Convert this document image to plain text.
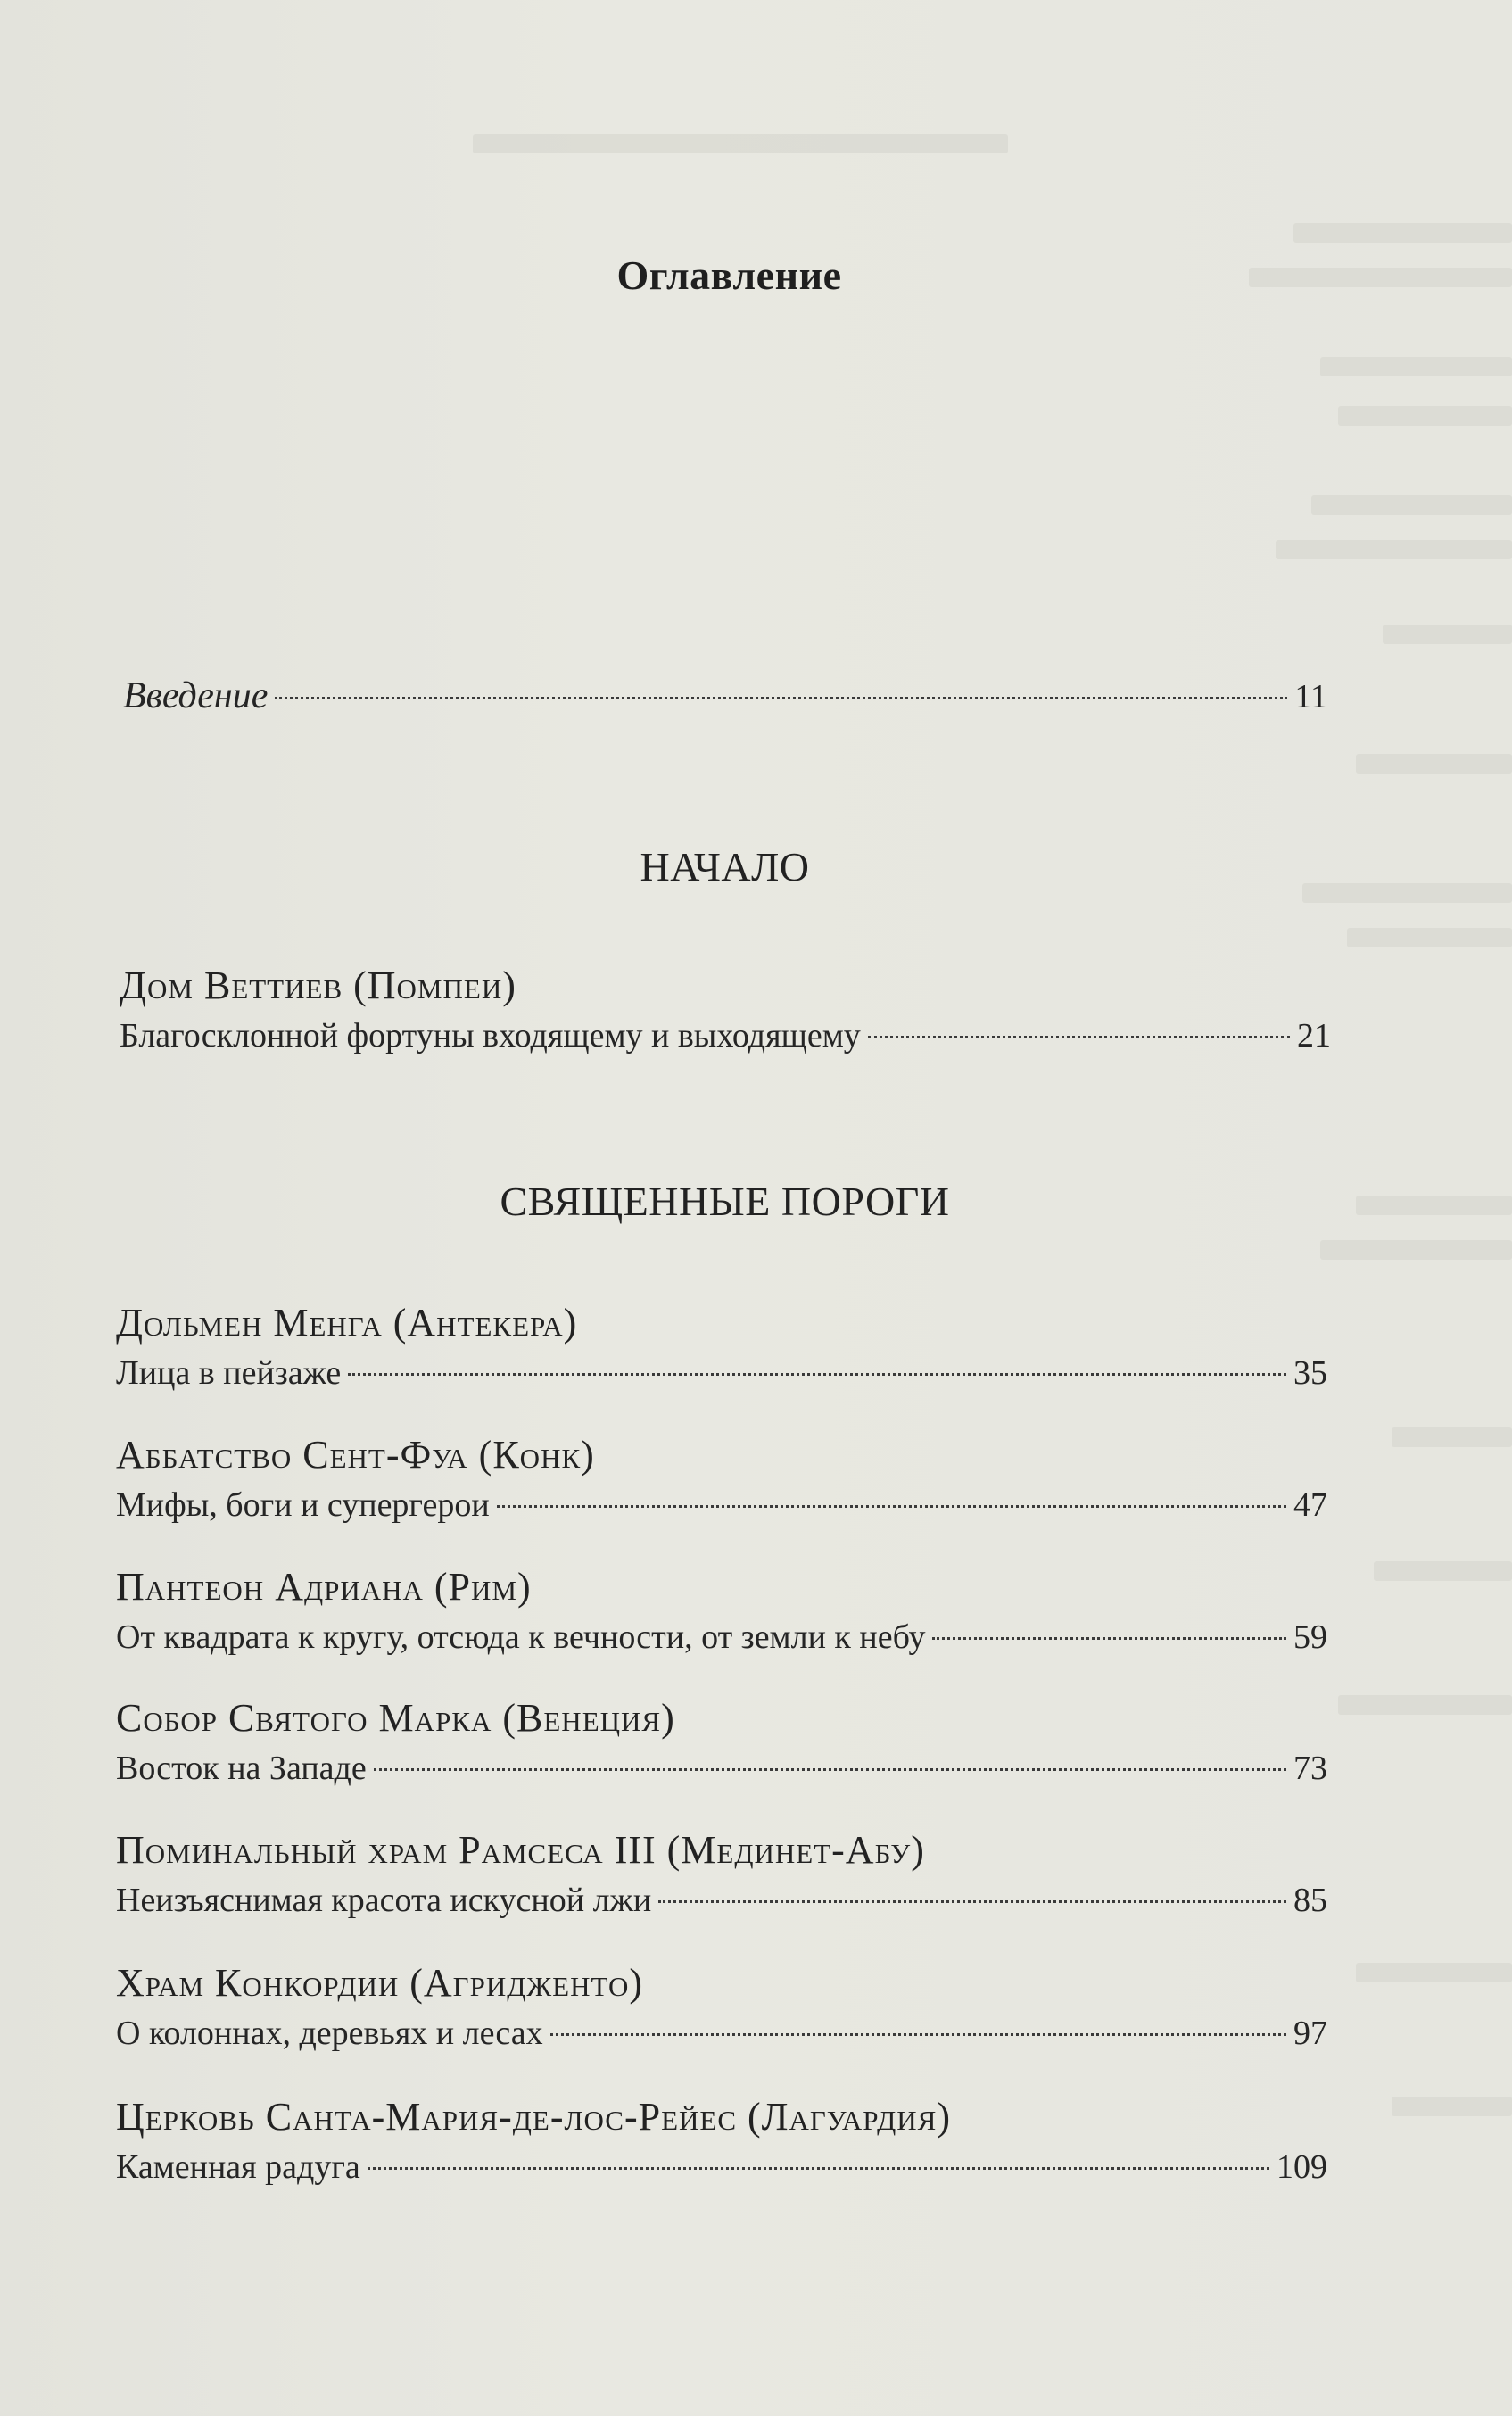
Оглавление
Введение	11
НАЧАЛО
Дом Веттиев (Помпеи)
Благосклонной фортуны входящему и выходящему	21
СВЯЩЕННЫЕ ПОРОГИ
Дольмен Менга (Антекера)
Лица в пейзаже	35
Аббатство Сент-Фуа (Конк)
Мифы, боги и супергерои	47
Пантеон Адриана (Рим)
От квадрата к кругу, отсюда к вечности, от земли к небу	59
Собор Святого Марка (Венеция)
Восток на Западе	73
Поминальный храм Рамсеса III (Мединет-Абу)
Неизъяснимая красота искусной лжи	85
Храм Конкордии (Агридженто)
О колоннах, деревьях и лесах	97
Церковь Санта-Мария-де-лос-Рейес (Лагуардия)
Каменная радуга	109
